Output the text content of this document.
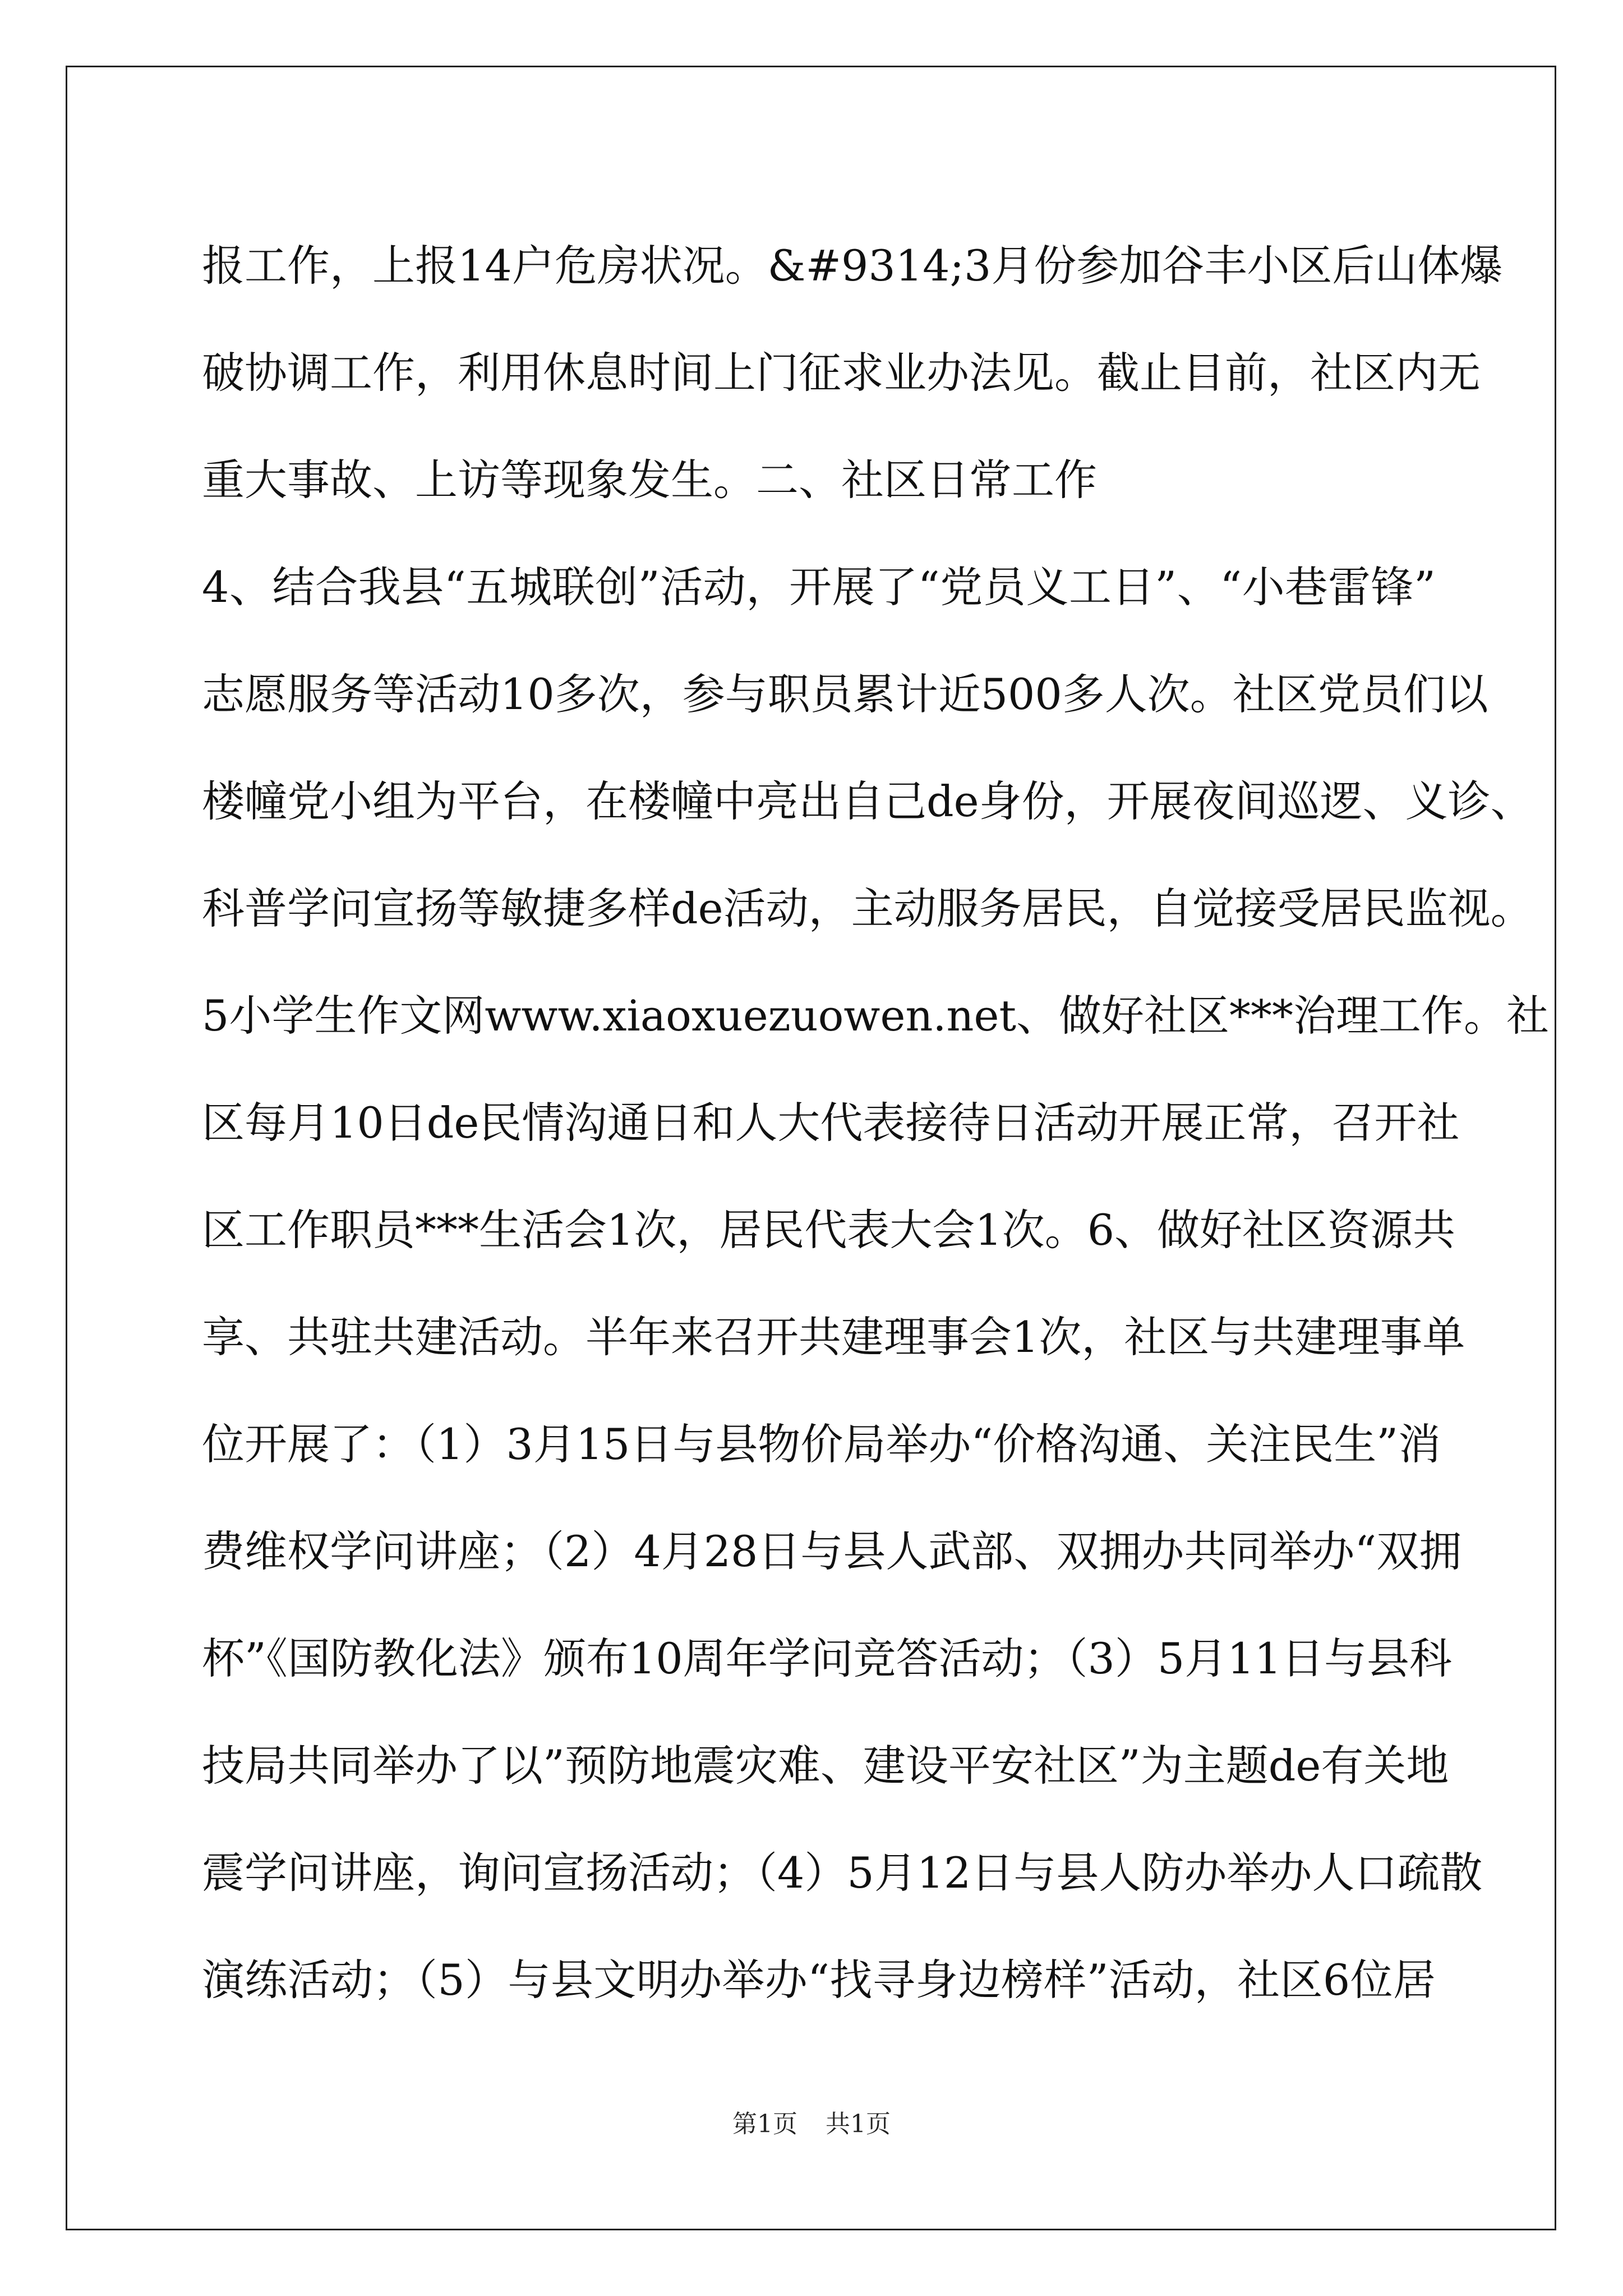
报工作，上报14户危房状况。&#9314;3月份参加谷丰小区后山体爆
破协调工作，利用休息时间上门征求业办法见。截止目前，社区内无
重大事故、上访等现象发生。二、社区日常工作
4、结合我县“五城联创”活动，开展了“党员义工日”、“小巷雷锋”
志愿服务等活动10多次，参与职员累计近500多人次。社区党员们以
楼幢党小组为平台，在楼幢中亮出自己de身份，开展夜间巡逻、义诊、
科普学问宣扬等敏捷多样de活动，主动服务居民，自觉接受居民监视。
5小学生作文网www.xiaoxuezuowen.net、做好社区***治理工作。社
区每月10日de民情沟通日和人大代表接待日活动开展正常，召开社
区工作职员***生活会1次，居民代表大会1次。6、做好社区资源共
享、共驻共建活动。半年来召开共建理事会1次，社区与共建理事单
位开展了：（1）3月15日与县物价局举办“价格沟通、关注民生”消
费维权学问讲座；（2）4月28日与县人武部、双拥办共同举办“双拥
杯”《国防教化法》颁布10周年学问竞答活动；（3）5月11日与县科
技局共同举办了以”预防地震灾难、建设平安社区”为主题de有关地
震学问讲座，询问宣扬活动；（4）5月12日与县人防办举办人口疏散
演练活动；（5）与县文明办举办“找寻身边榜样”活动，社区6位居
第1页 共1页
